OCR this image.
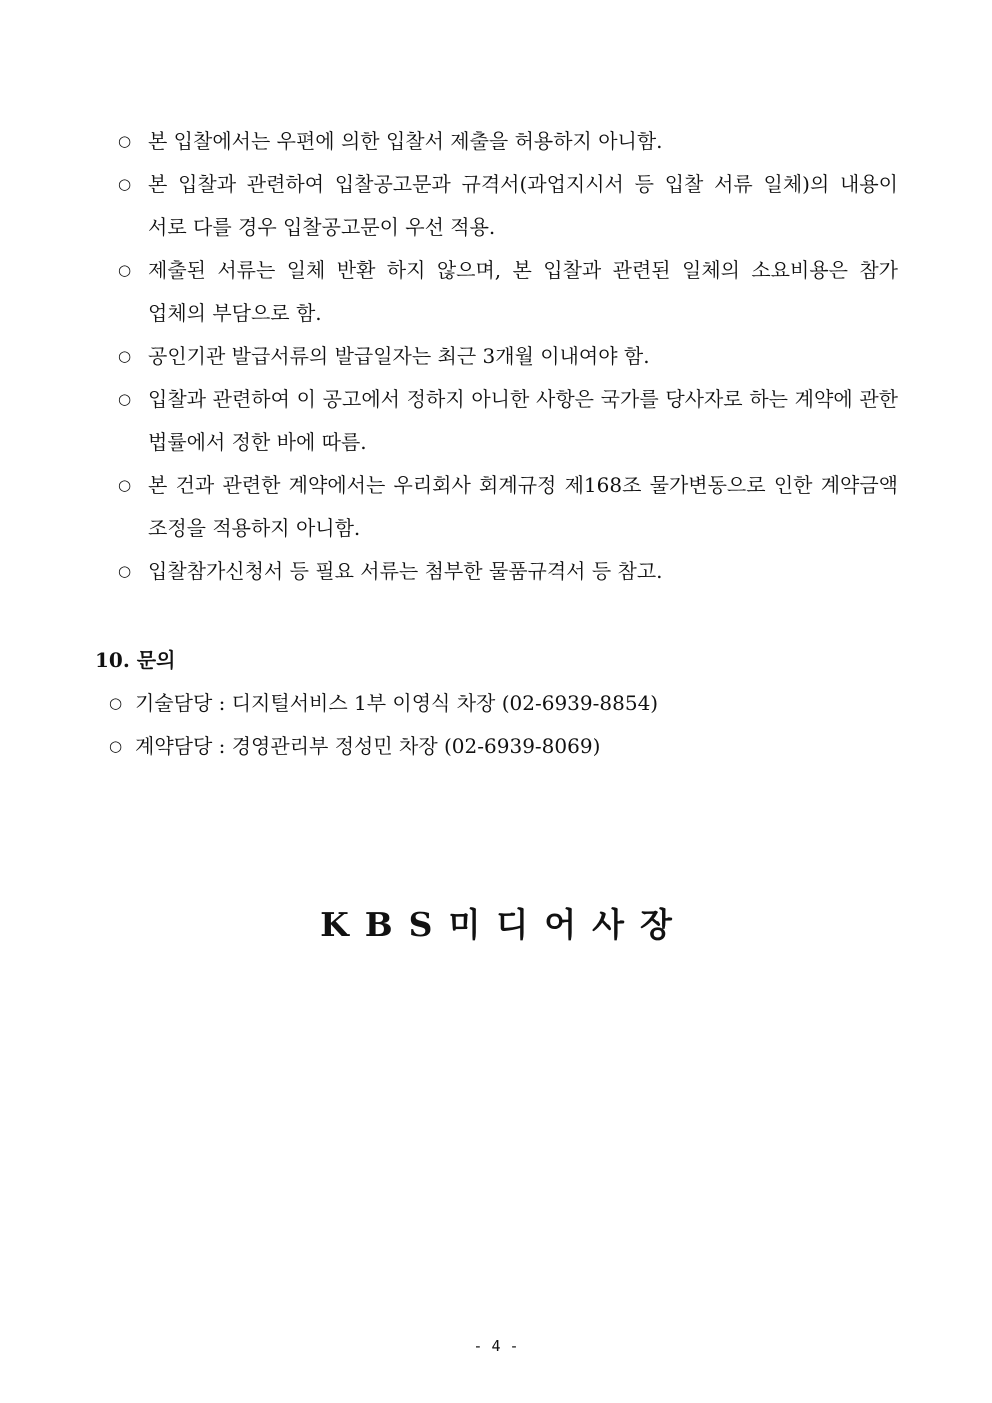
○ 본 입찰에서는 우편에 의한 입찰서 제출을 허용하지 아니함.
○ 본 입찰과 관련하여 입찰공고문과 규격서(과업지시서 등 입찰 서류 일체)의 내용이 서로 다를 경우 입찰공고문이 우선 적용.
○ 제출된 서류는 일체 반환 하지 않으며, 본 입찰과 관련된 일체의 소요비용은 참가 업체의 부담으로 함.
○ 공인기관 발급서류의 발급일자는 최근 3개월 이내여야 함.
○ 입찰과 관련하여 이 공고에서 정하지 아니한 사항은 국가를 당사자로 하는 계약에 관한 법률에서 정한 바에 따름.
○ 본 건과 관련한 계약에서는 우리회사 회계규정 제168조 물가변동으로 인한 계약금액 조정을 적용하지 아니함.
○ 입찰참가신청서 등 필요 서류는 첨부한 물품규격서 등 참고.
10. 문의
○ 기술담당 : 디지털서비스 1부 이영식 차장 (02-6939-8854)
○ 계약담당 : 경영관리부 정성민 차장 (02-6939-8069)
KBS미디어사장
- 4 -
